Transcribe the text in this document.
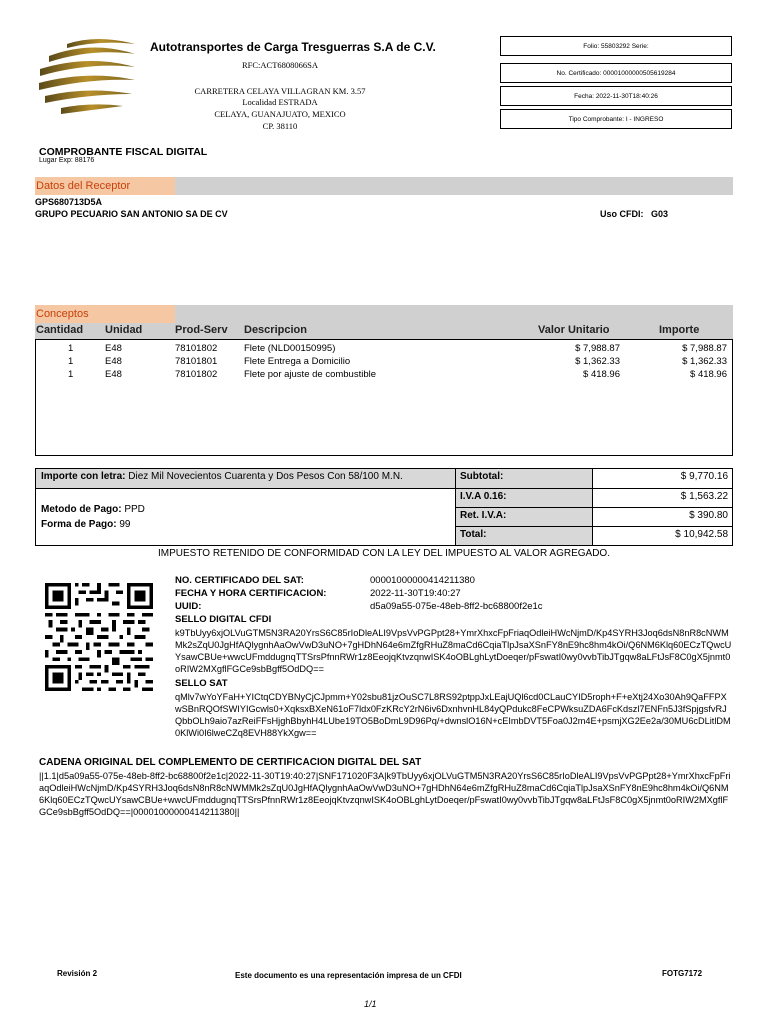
Autotransportes de Carga Tresguerras S.A de C.V.
RFC:ACT6808066SA
CARRETERA CELAYA VILLAGRAN KM. 3.57
Localidad ESTRADA
CELAYA, GUANAJUATO, MEXICO
CP. 38110
Folio: 55803292 Serie:
No. Certificado: 00001000000505619284
Fecha: 2022-11-30T18:40:26
Tipo Comprobante: I - INGRESO
COMPROBANTE FISCAL DIGITAL
Lugar Exp: 88176
Datos del Receptor
GPS680713D5A
GRUPO PECUARIO SAN ANTONIO SA DE CV	Uso CFDI: G03
Conceptos
Cantidad Unidad	Prod-Serv Descripcion	Valor Unitario	Importe
1	E48	78101802	Flete (NLD00150995)	$ 7,988.87	$ 7,988.87
1	E48	78101801	Flete Entrega a Domicilio	$ 1,362.33	$ 1,362.33
1	E48	78101802	Flete por ajuste de combustible	$ 418.96	$ 418.96
Importe con letra: Diez Mil Novecientos Cuarenta y Dos Pesos Con 58/100 M.N.
Metodo de Pago: PPD
Forma de Pago: 99
Subtotal:	$ 9,770.16
I.V.A 0.16:	$ 1,563.22
Ret. I.V.A:	$ 390.80
Total:	$ 10,942.58
IMPUESTO RETENIDO DE CONFORMIDAD CON LA LEY DEL IMPUESTO AL VALOR AGREGADO.
NO. CERTIFICADO DEL SAT:	00001000000414211380
FECHA Y HORA CERTIFICACION:	2022-11-30T19:40:27
UUID:	d5a09a55-075e-48eb-8ff2-bc68800f2e1c
SELLO DIGITAL CFDI
k9TbUyy6xjOLVuGTM5N3RA20YrsS6C85rIoDleALI9VpsVvPGPpt28+YmrXhxcFpFriaqOdleiHWcNjmD/Kp4SYRH3Joq6dsN8nR8cNWMMk2sZqU0JgHfAQlygnhAaOwVwD3uNO+7gHDhN64e6mZfgRHuZ8maCd6CqiaTlpJsaXSnFY8nE9hc8hm4kOi/Q6NM6Klq60ECzTQwcUYsawCBUe+wwcUFmddugnqTTSrsPfnnRWr1z8EeojqKtvzqnwISK4oOBLghLytDoeqer/pFswatI0wy0vvbTibJTgqw8aLFtJsF8C0gX5jnmt0oRIW2MXgflFGCe9sbBgff5OdDQ==
SELLO SAT
qMlv7wYoYFaH+YICtqCDYBNyCjCJpmm+Y02sbu81jzOuSC7L8RS92ptppJxLEajUQl6cd0CLauCYID5roph+F+eXtj24Xo30Ah9QaFFPXwSBnRQOfSWIYIGcwls0+XqksxBXeN61oF7ldx0FzKRcY2rN6iv6DxnhvnHL84yQPdukc8FeCPWksuZDA6FcKdszl7ENFn5J3fSpjgsfvRJQbbOLh9aio7azReiFFsHjghBbyhH4LUbe19TO5BoDmL9D96Pq/+dwnslO16N+cEImbDVT5Foa0J2m4E+psmjXG2Ee2a/30MU6cDLitlDM0KlWi0I6lweCZq8EVH88YkXgw==
CADENA ORIGINAL DEL COMPLEMENTO DE CERTIFICACION DIGITAL DEL SAT
||1.1|d5a09a55-075e-48eb-8ff2-bc68800f2e1c|2022-11-30T19:40:27|SNF171020F3A|k9TbUyy6xjOLVuGTM5N3RA20YrsS6C85rIoDleALI9VpsVvPGPpt28+YmrXhxcFpFriaqOdleiHWcNjmD/Kp4SYRH3Joq6dsN8nR8cNWMMk2sZqU0JgHfAQlygnhAaOwVwD3uNO+7gHDhN64e6mZfgRHuZ8maCd6CqiaTlpJsaXSnFY8nE9hc8hm4kOi/Q6NM6Klq60ECzTQwcUYsawCBUe+wwcUFmddugnqTTSrsPfnnRWr1z8EeojqKtvzqnwISK4oOBLghLytDoeqer/pFswatI0wy0vvbTibJTgqw8aLFtJsF8C0gX5jnmt0oRIW2MXgflFGCe9sbBgff5OdDQ==|00001000000414211380||
Revisión 2	Este documento es una representación impresa de un CFDI	FOTG7172
1/1
